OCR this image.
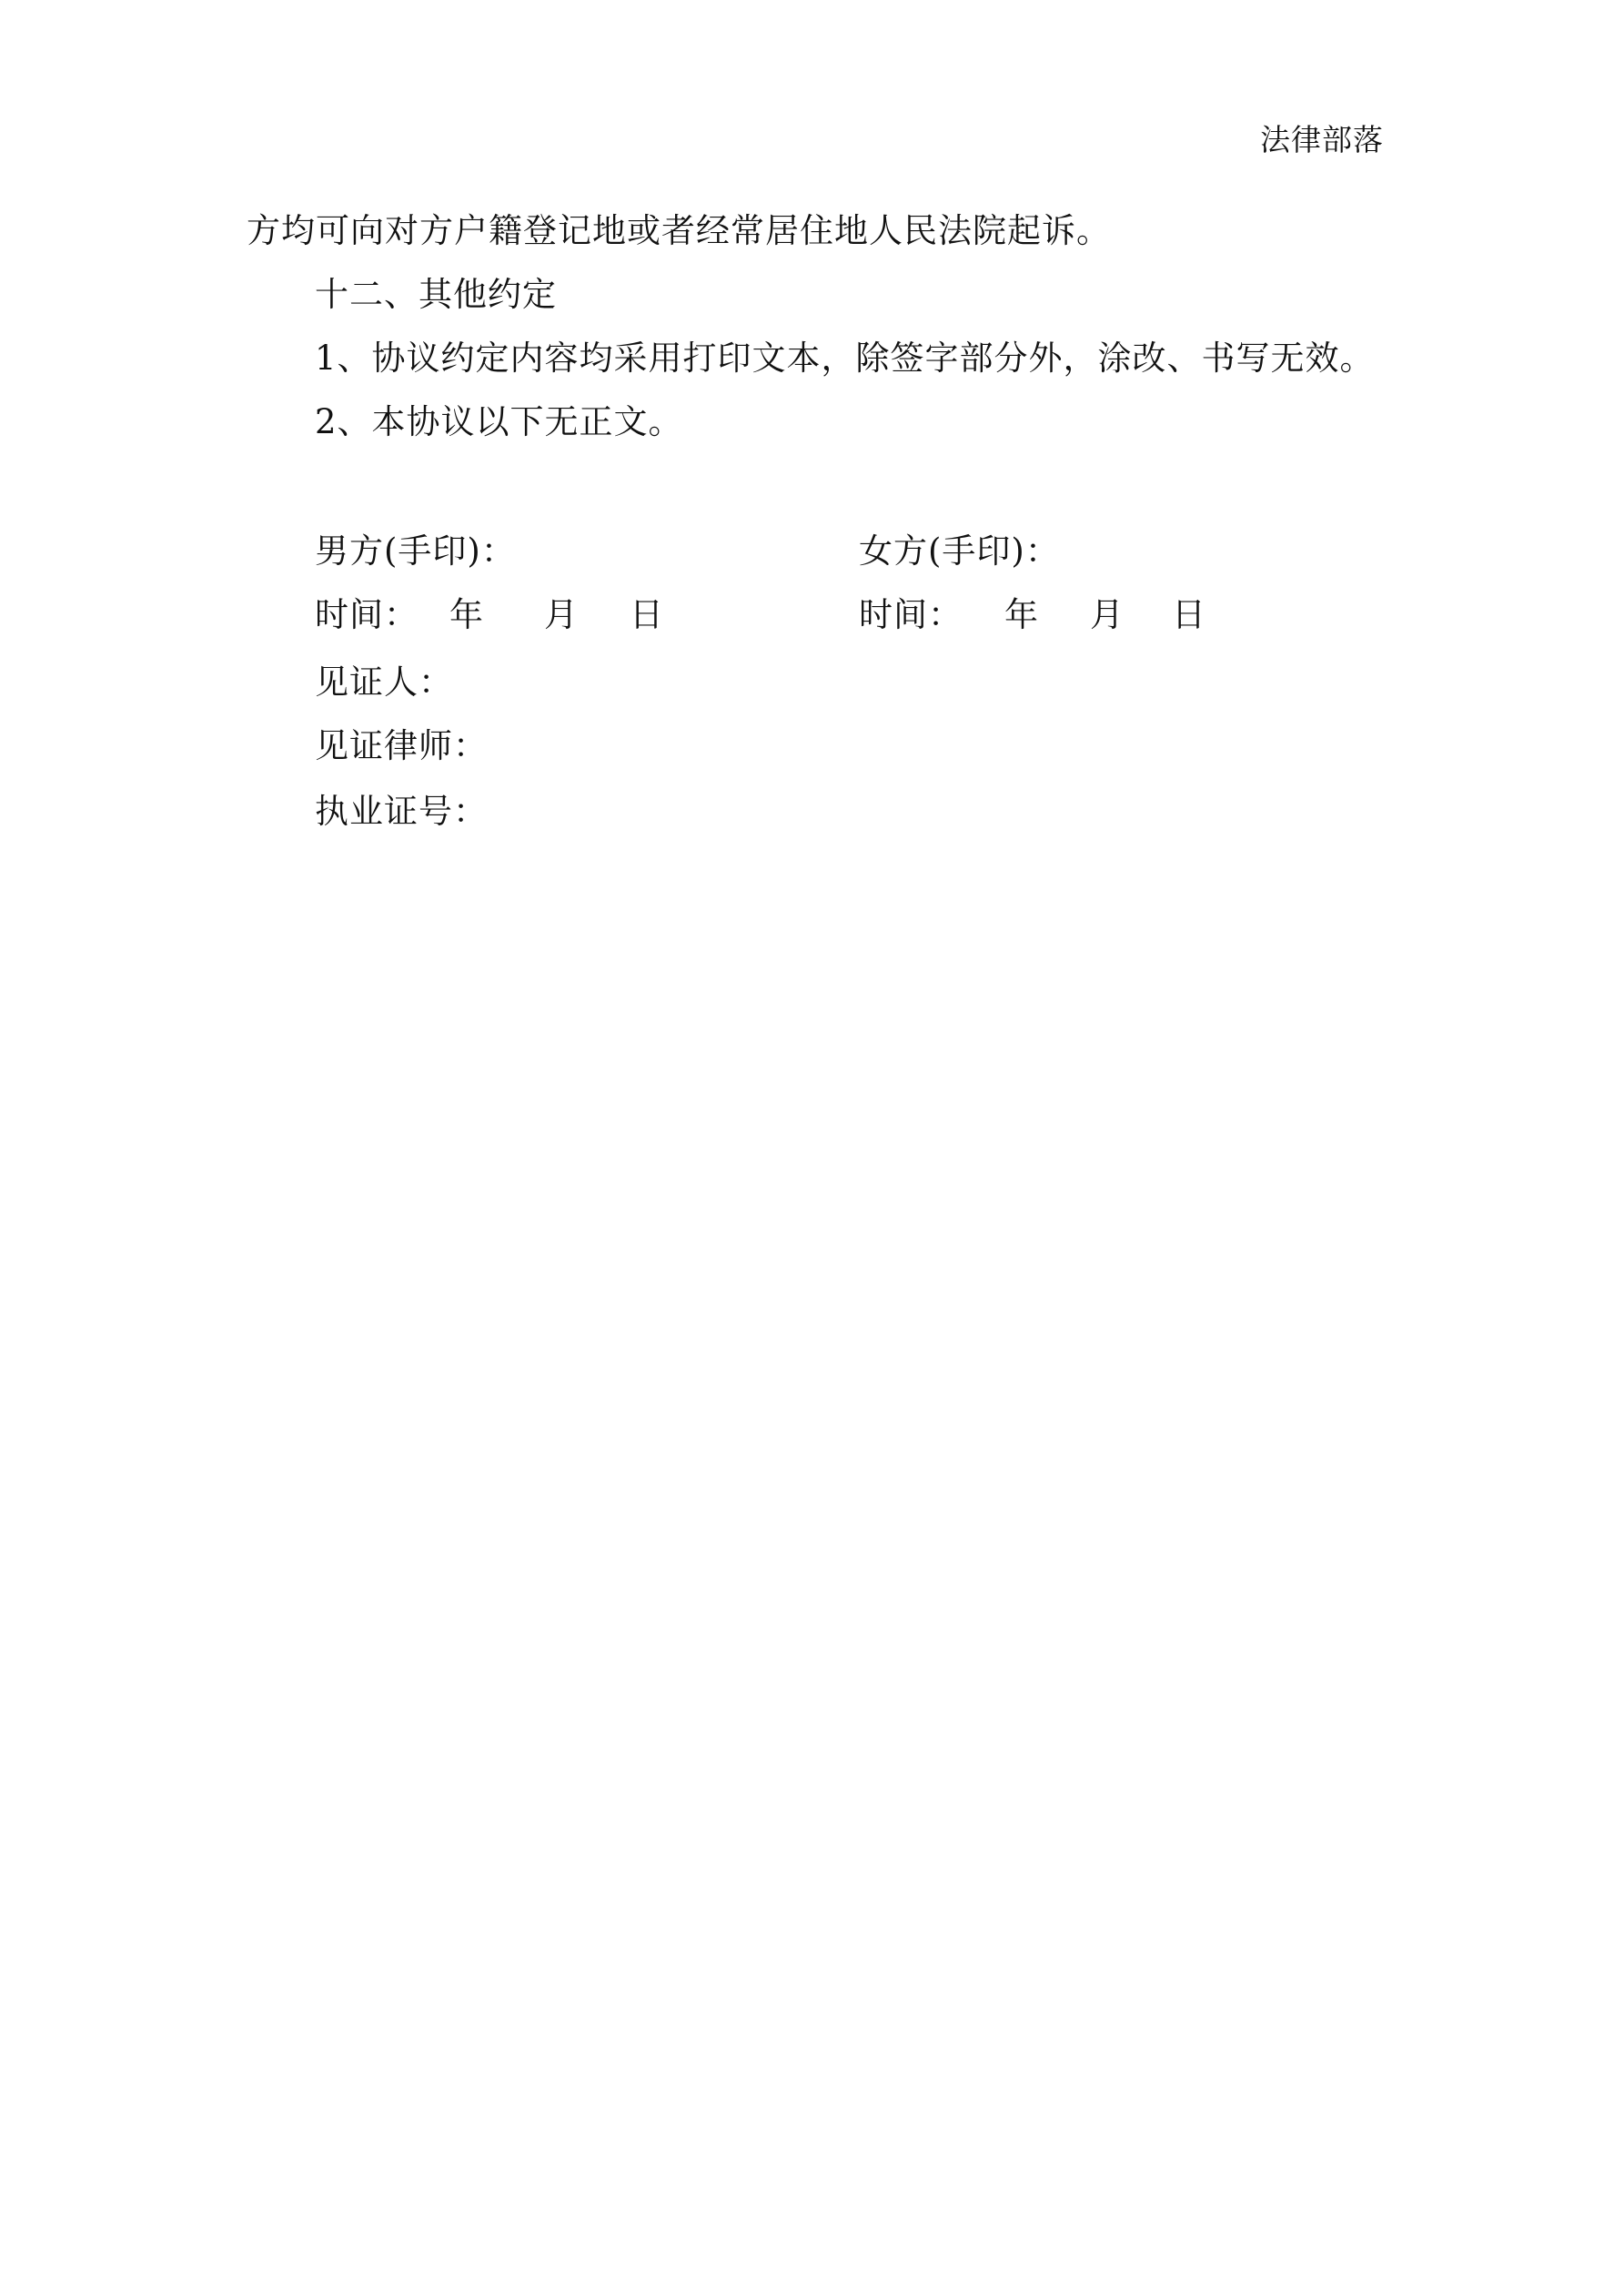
法律部落
方均可向对方户籍登记地或者经常居住地人民法院起诉。
十二、其他约定
1、协议约定内容均采用打印文本，除签字部分外，涂改、书写无效。
2、本协议以下无正文。
男方(手印)：	女方(手印)：
时间： 年 月 日	时间： 年 月 日
见证人：
见证律师：
执业证号：
